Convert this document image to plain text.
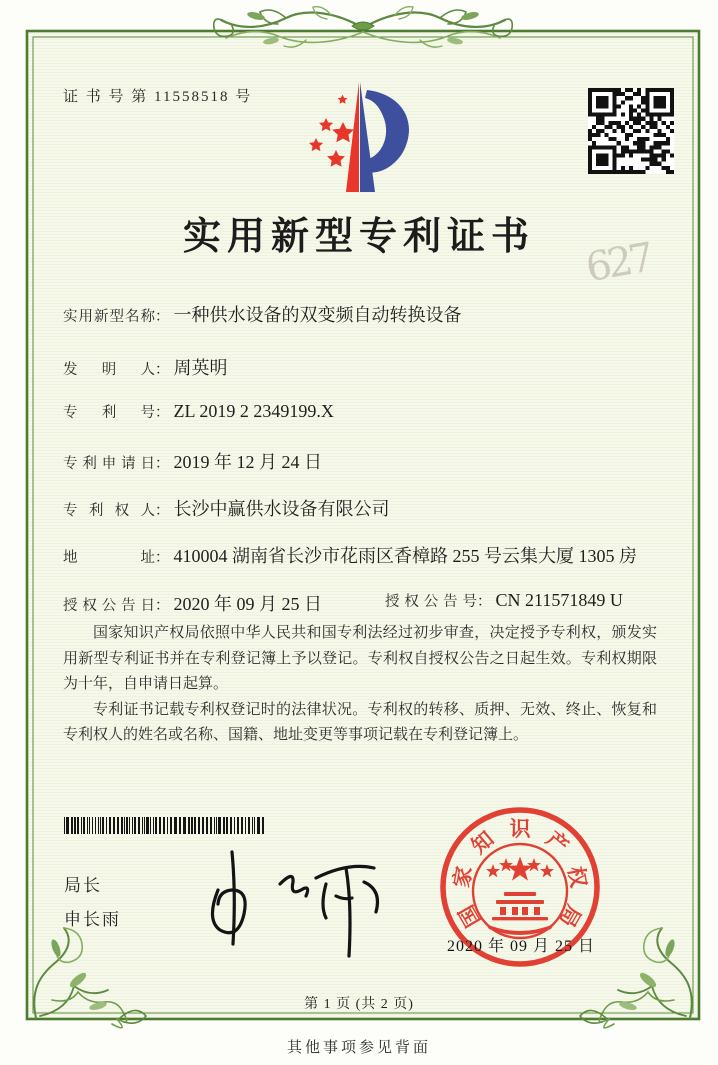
证 书 号 第 11558518 号
627
实用新型专利证书
实用新型名称： 一种供水设备的双变频自动转换设备
发明人： 周英明
专利号： ZL 2019 2 2349199.X
专利申请日： 2019 年 12 月 24 日
专利权人： 长沙中赢供水设备有限公司
地址： 410004 湖南省长沙市花雨区香樟路 255 号云集大厦 1305 房
授权公告日： 2020 年 09 月 25 日	授权公告号： CN 211571849 U

国家知识产权局依照中华人民共和国专利法经过初步审查，决定授予专利权，颁发实用新型专利证书并在专利登记簿上予以登记。专利权自授权公告之日起生效。专利权期限为十年，自申请日起算。

专利证书记载专利权登记时的法律状况。专利权的转移、质押、无效、终止、恢复和专利权人的姓名或名称、国籍、地址变更等事项记载在专利登记簿上。

局长
申长雨	国
家
知 识 产
权
局
2020 年 09 月 25 日
第 1 页 (共 2 页)
其他事项参见背面
